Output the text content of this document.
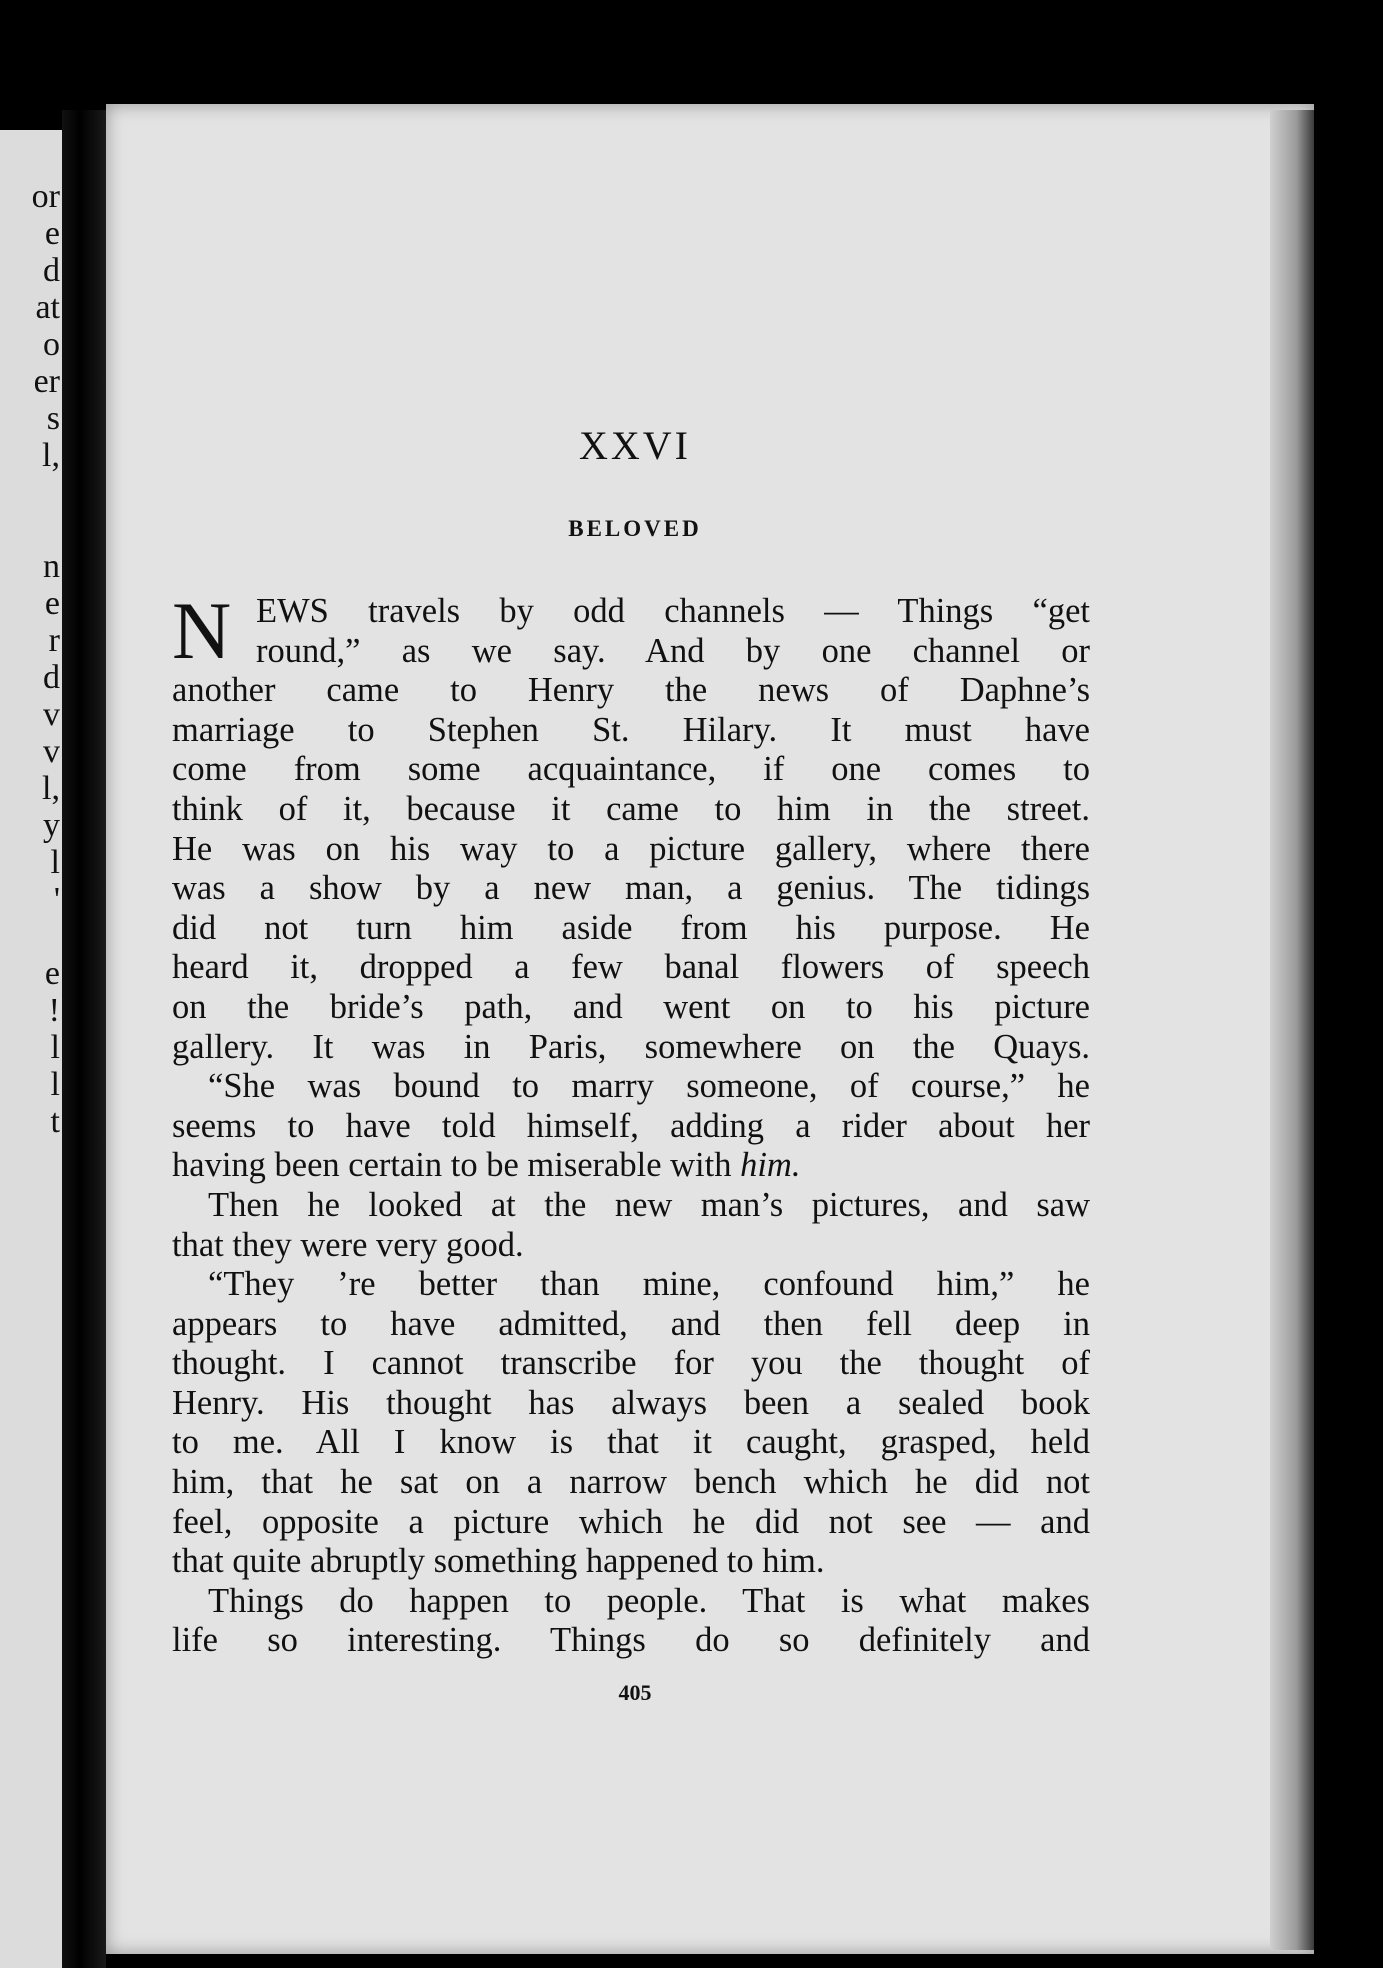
or
e
d
at
o
er
s
l,
n
e
r
d
v
v
l,
y
l
'
e
!
l
l
t
XXVI
BELOVED
N EWS travels by odd channels — Things “get
round,” as we say. And by one channel or
another came to Henry the news of Daphne’s
marriage to Stephen St. Hilary. It must have
come from some acquaintance, if one comes to
think of it, because it came to him in the street.
He was on his way to a picture gallery, where there
was a show by a new man, a genius. The tidings
did not turn him aside from his purpose. He
heard it, dropped a few banal flowers of speech
on the bride’s path, and went on to his picture
gallery. It was in Paris, somewhere on the Quays.
“She was bound to marry someone, of course,” he
seems to have told himself, adding a rider about her
having been certain to be miserable with him.
Then he looked at the new man’s pictures, and saw
that they were very good.
“They ’re better than mine, confound him,” he
appears to have admitted, and then fell deep in
thought. I cannot transcribe for you the thought of
Henry. His thought has always been a sealed book
to me. All I know is that it caught, grasped, held
him, that he sat on a narrow bench which he did not
feel, opposite a picture which he did not see — and
that quite abruptly something happened to him.
Things do happen to people. That is what makes
life so interesting. Things do so definitely and
405
